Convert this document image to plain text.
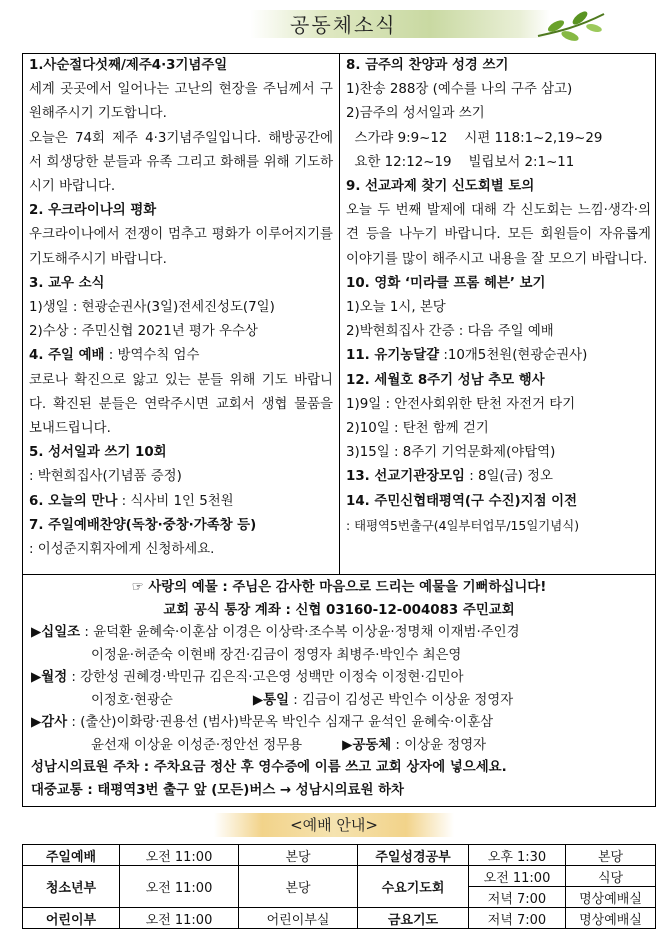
공동체소식
1.사순절다섯째/제주4·3기념주일
세계 곳곳에서 일어나는 고난의 현장을 주님께서 구원해주시기 기도합니다.
오늘은 74회 제주 4·3기념주일입니다. 해방공간에서 희생당한 분들과 유족 그리고 화해를 위해 기도하시기 바랍니다.
2. 우크라이나의 평화
우크라이나에서 전쟁이 멈추고 평화가 이루어지기를 기도해주시기 바랍니다.
3. 교우 소식
1)생일 : 현광순권사(3일)전세진성도(7일)
2)수상 : 주민신협 2021년 평가 우수상
4. 주일 예배 : 방역수칙 엄수
코로나 확진으로 앓고 있는 분들 위해 기도 바랍니다. 확진된 분들은 연락주시면 교회서 생협 물품을 보내드립니다.
5. 성서일과 쓰기 10회
: 박현희집사(기념품 증정)
6. 오늘의 만나 : 식사비 1인 5천원
7. 주일예배찬양(독창·중창·가족창 등)
: 이성준지휘자에게 신청하세요.
8. 금주의 찬양과 성경 쓰기
1)찬송 288장 (예수를 나의 구주 삼고)
2)금주의 성서일과 쓰기
스가랴 9:9~12    시편 118:1~2,19~29
요한 12:12~19    빌립보서 2:1~11
9. 선교과제 찾기 신도회별 토의
오늘 두 번째 발제에 대해 각 신도회는 느낌·생각·의견 등을 나누기 바랍니다. 모든 회원들이 자유롭게 이야기를 많이 해주시고 내용을 잘 모으기 바랍니다.
10. 영화 ‘미라클 프롬 헤븐’ 보기
1)오늘 1시, 본당
2)박현희집사 간증 : 다음 주일 예배
11. 유기농달걀 :10개5천원(현광순권사)
12. 세월호 8주기 성남 추모 행사
1)9일 : 안전사회위한 탄천 자전거 타기
2)10일 : 탄천 함께 걷기
3)15일 : 8주기 기억문화제(야탑역)
13. 선교기관장모임 : 8일(금) 정오
14. 주민신협태평역(구 수진)지점 이전
: 태평역5번출구(4일부터업무/15일기념식)
☞ 사랑의 예물 : 주님은 감사한 마음으로 드리는 예물을 기뻐하십니다!
교회 공식 통장 계좌 : 신협 03160-12-004083 주민교회
▶십일조 : 윤덕환 윤혜숙·이훈삼 이경은 이상락·조수복 이상윤·정명채 이재범·주인경
이정윤·허준숙 이현배 장건·김금이 정영자 최병주·박인수 최은영
▶월정 : 강한성 권혜경·박민규 김은직·고은영 성백만 이정숙 이정현·김민아
이정호·현광순	▶통일 : 김금이 김성곤 박인수 이상윤 정영자
▶감사 : (출산)이화랑·권용선 (범사)박문옥 박인수 심재구 윤석인 윤혜숙·이훈삼
윤선재 이상윤 이성준·정안선 정무용	▶공동체 : 이상윤 정영자
성남시의료원 주차 : 주차요금 정산 후 영수증에 이름 쓰고 교회 상자에 넣으세요.
대중교통 : 태평역3번 출구 앞 (모든)버스 → 성남시의료원 하차
<예배 안내>
주일예배	오전 11:00	본당	주일성경공부	오후 1:30	본당
청소년부	오전 11:00	본당	수요기도회	오전 11:00	식당
				저녁 7:00	명상예배실
어린이부	오전 11:00	어린이부실	금요기도	저녁 7:00	명상예배실
